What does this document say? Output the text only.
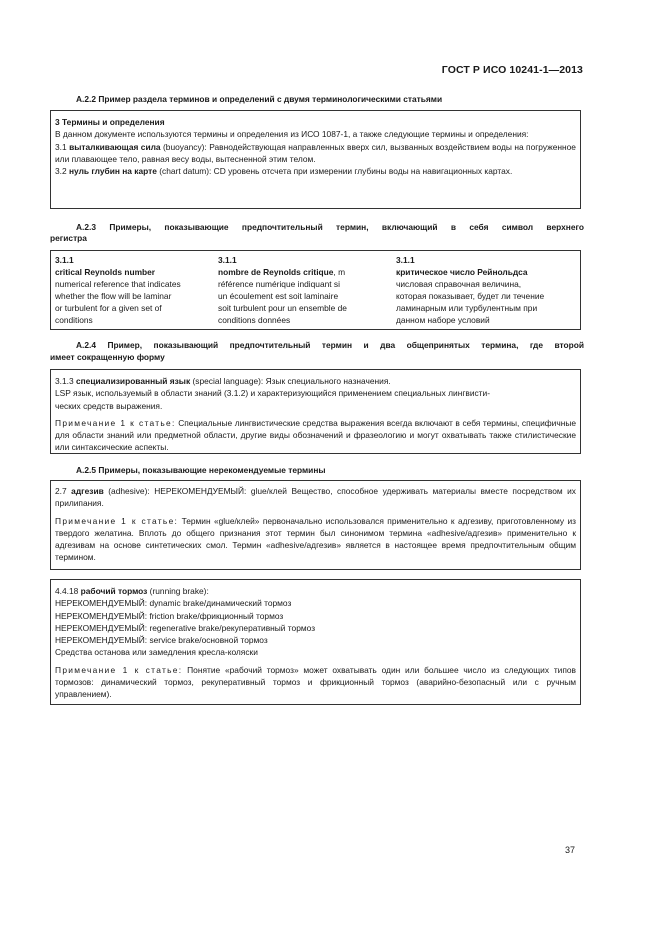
ГОСТ Р ИСО 10241-1—2013
А.2.2 Пример раздела терминов и определений с двумя терминологическими статьями

3 Термины и определения

В данном документе используются термины и определения из ИСО 1087-1, а также следующие термины и определения:

3.1 выталкивающая сила (buoyancy): Равнодействующая направленных вверх сил, вызванных воздействием воды на погруженное или плавающее тело, равная весу воды, вытесненной этим телом.

3.2 нуль глубин на карте (chart datum): CD уровень отсчета при измерении глубины воды на навигационных картах.

А.2.3 Примеры, показывающие предпочтительный термин, включающий в себя символ верхнего
регистра
3.1.1
critical Reynolds number
numerical reference that indicates
whether the flow will be laminar
or turbulent for a given set of
conditions
3.1.1
nombre de Reynolds critique, m
référence numérique indiquant si
un écoulement est soit laminaire
soit turbulent pour un ensemble de
conditions données
3.1.1
критическое число Рейнольдса
числовая справочная величина,
которая показывает, будет ли течение
ламинарным или турбулентным при
данном наборе условий
А.2.4 Пример, показывающий предпочтительный термин и два общепринятых термина, где второй
имеет сокращенную форму

3.1.3 специализированный язык (special language): Язык специального назначения.

LSP язык, используемый в области знаний (3.1.2) и характеризующийся применением специальных лингвисти-

ческих средств выражения.

Примечание 1 к статье: Специальные лингвистические средства выражения всегда включают в себя термины, специфичные для области знаний или предметной области, другие виды обозначений и фразеологию и могут охватывать также стилистические или синтаксические аспекты.

А.2.5 Примеры, показывающие нерекомендуемые термины

2.7 адгезив (adhesive): НЕРЕКОМЕНДУЕМЫЙ: glue/клей Вещество, способное удерживать материалы вместе посредством их прилипания.

Примечание 1 к статье: Термин «glue/клей» первоначально использовался применительно к адгезиву, приготовленному из твердого желатина. Вплоть до общего признания этот термин был синонимом термина «adhesive/адгезив» применительно к адгезивам на основе синтетических смол. Термин «adhesive/адгезив» является в настоящее время предпочтительным общим термином.

4.4.18 рабочий тормоз (running brake):

НЕРЕКОМЕНДУЕМЫЙ: dynamic brake/динамический тормоз

НЕРЕКОМЕНДУЕМЫЙ: friction brake/фрикционный тормоз

НЕРЕКОМЕНДУЕМЫЙ: regenerative brake/рекуперативный тормоз

НЕРЕКОМЕНДУЕМЫЙ: service brake/основной тормоз

Средства останова или замедления кресла-коляски

Примечание 1 к статье: Понятие «рабочий тормоз» может охватывать один или большее число из следующих типов тормозов: динамический тормоз, рекуперативный тормоз и фрикционный тормоз (аварийно-безопасный или с ручным управлением).

37
